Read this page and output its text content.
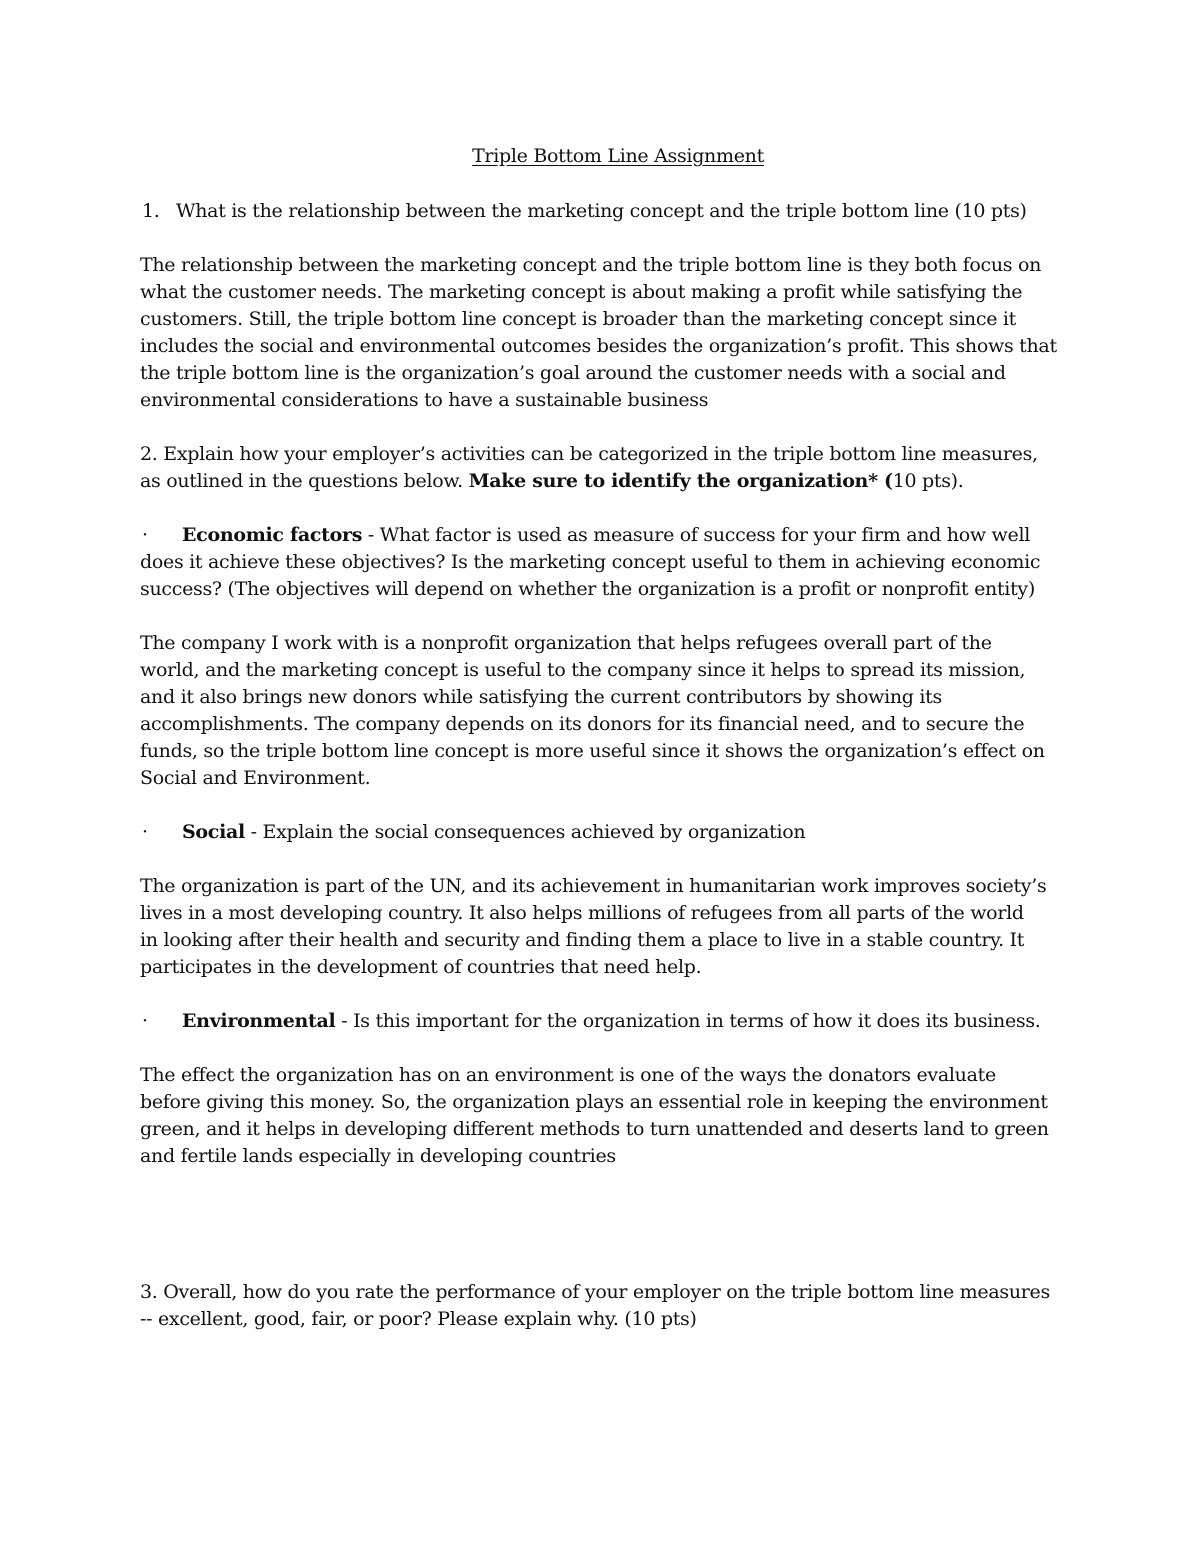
Triple Bottom Line Assignment
1. What is the relationship between the marketing concept and the triple bottom line (10 pts)
The relationship between the marketing concept and the triple bottom line is they both focus on
what the customer needs. The marketing concept is about making a profit while satisfying the
customers. Still, the triple bottom line concept is broader than the marketing concept since it
includes the social and environmental outcomes besides the organization’s profit. This shows that
the triple bottom line is the organization’s goal around the customer needs with a social and
environmental considerations to have a sustainable business
2. Explain how your employer’s activities can be categorized in the triple bottom line measures,
as outlined in the questions below. Make sure to identify the organization* (10 pts).
· Economic factors - What factor is used as measure of success for your firm and how well
does it achieve these objectives? Is the marketing concept useful to them in achieving economic
success? (The objectives will depend on whether the organization is a profit or nonprofit entity)
The company I work with is a nonprofit organization that helps refugees overall part of the
world, and the marketing concept is useful to the company since it helps to spread its mission,
and it also brings new donors while satisfying the current contributors by showing its
accomplishments. The company depends on its donors for its financial need, and to secure the
funds, so the triple bottom line concept is more useful since it shows the organization’s effect on
Social and Environment.
· Social - Explain the social consequences achieved by organization
The organization is part of the UN, and its achievement in humanitarian work improves society’s
lives in a most developing country. It also helps millions of refugees from all parts of the world
in looking after their health and security and finding them a place to live in a stable country. It
participates in the development of countries that need help.
· Environmental - Is this important for the organization in terms of how it does its business.
The effect the organization has on an environment is one of the ways the donators evaluate
before giving this money. So, the organization plays an essential role in keeping the environment
green, and it helps in developing different methods to turn unattended and deserts land to green
and fertile lands especially in developing countries
3. Overall, how do you rate the performance of your employer on the triple bottom line measures
-- excellent, good, fair, or poor? Please explain why. (10 pts)
